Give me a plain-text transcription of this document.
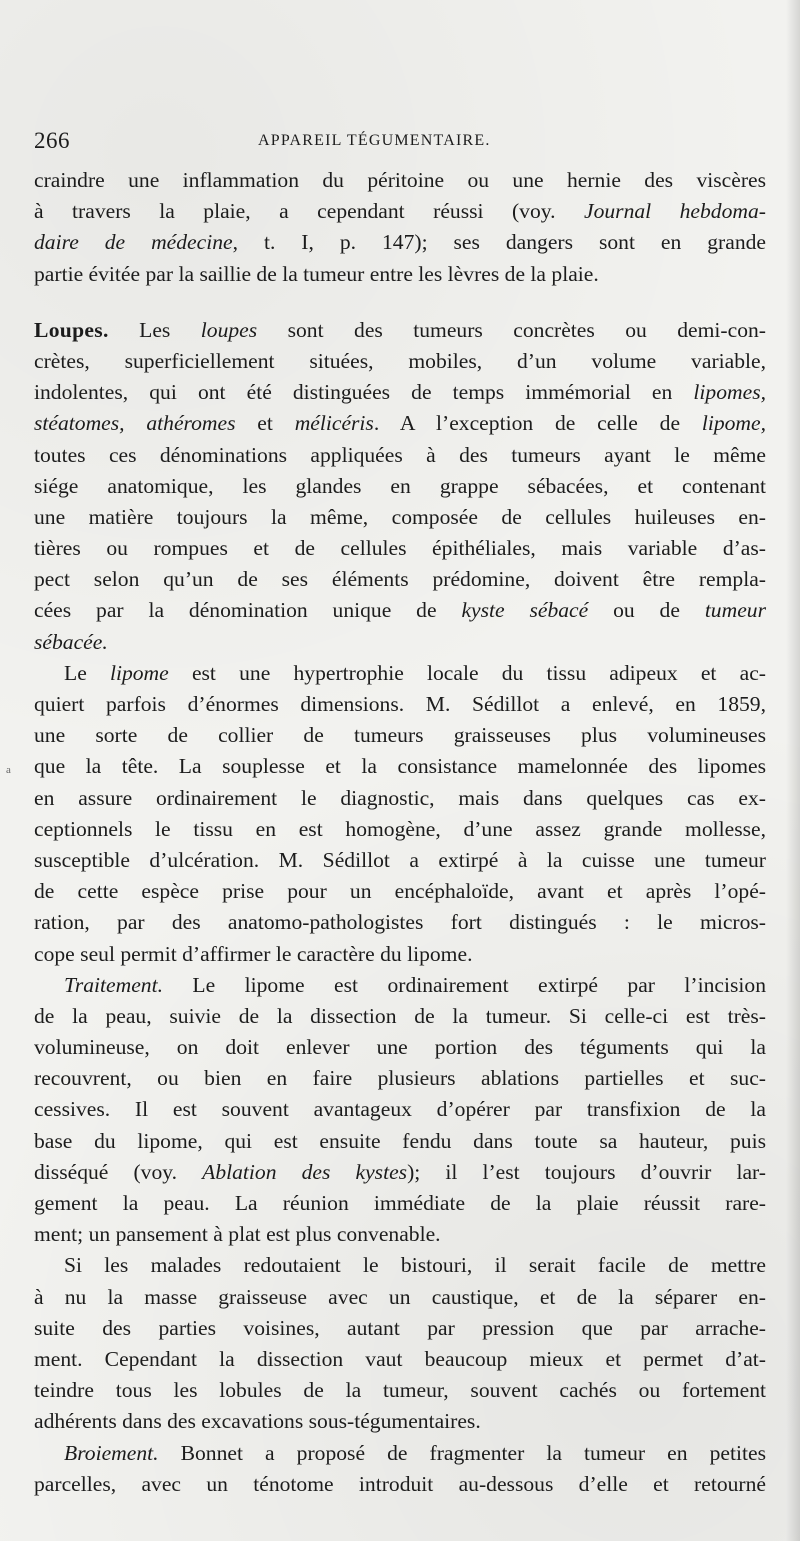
266	APPAREIL TÉGUMENTAIRE.
a
craindre une inflammation du péritoine ou une hernie des viscères
à travers la plaie, a cependant réussi (voy. Journal hebdoma-
daire de médecine, t. I, p. 147); ses dangers sont en grande
partie évitée par la saillie de la tumeur entre les lèvres de la plaie.
Loupes. Les loupes sont des tumeurs concrètes ou demi-con-
crètes, superficiellement situées, mobiles, d’un volume variable,
indolentes, qui ont été distinguées de temps immémorial en lipomes,
stéatomes, athéromes et mélicéris. A l’exception de celle de lipome,
toutes ces dénominations appliquées à des tumeurs ayant le même
siége anatomique, les glandes en grappe sébacées, et contenant
une matière toujours la même, composée de cellules huileuses en-
tières ou rompues et de cellules épithéliales, mais variable d’as-
pect selon qu’un de ses éléments prédomine, doivent être rempla-
cées par la dénomination unique de kyste sébacé ou de tumeur
sébacée.
Le lipome est une hypertrophie locale du tissu adipeux et ac-
quiert parfois d’énormes dimensions. M. Sédillot a enlevé, en 1859,
une sorte de collier de tumeurs graisseuses plus volumineuses
que la tête. La souplesse et la consistance mamelonnée des lipomes
en assure ordinairement le diagnostic, mais dans quelques cas ex-
ceptionnels le tissu en est homogène, d’une assez grande mollesse,
susceptible d’ulcération. M. Sédillot a extirpé à la cuisse une tumeur
de cette espèce prise pour un encéphaloïde, avant et après l’opé-
ration, par des anatomo-pathologistes fort distingués : le micros-
cope seul permit d’affirmer le caractère du lipome.
Traitement. Le lipome est ordinairement extirpé par l’incision
de la peau, suivie de la dissection de la tumeur. Si celle-ci est très-
volumineuse, on doit enlever une portion des téguments qui la
recouvrent, ou bien en faire plusieurs ablations partielles et suc-
cessives. Il est souvent avantageux d’opérer par transfixion de la
base du lipome, qui est ensuite fendu dans toute sa hauteur, puis
disséqué (voy. Ablation des kystes); il l’est toujours d’ouvrir lar-
gement la peau. La réunion immédiate de la plaie réussit rare-
ment; un pansement à plat est plus convenable.
Si les malades redoutaient le bistouri, il serait facile de mettre
à nu la masse graisseuse avec un caustique, et de la séparer en-
suite des parties voisines, autant par pression que par arrache-
ment. Cependant la dissection vaut beaucoup mieux et permet d’at-
teindre tous les lobules de la tumeur, souvent cachés ou fortement
adhérents dans des excavations sous-tégumentaires.
Broiement. Bonnet a proposé de fragmenter la tumeur en petites
parcelles, avec un ténotome introduit au-dessous d’elle et retourné
